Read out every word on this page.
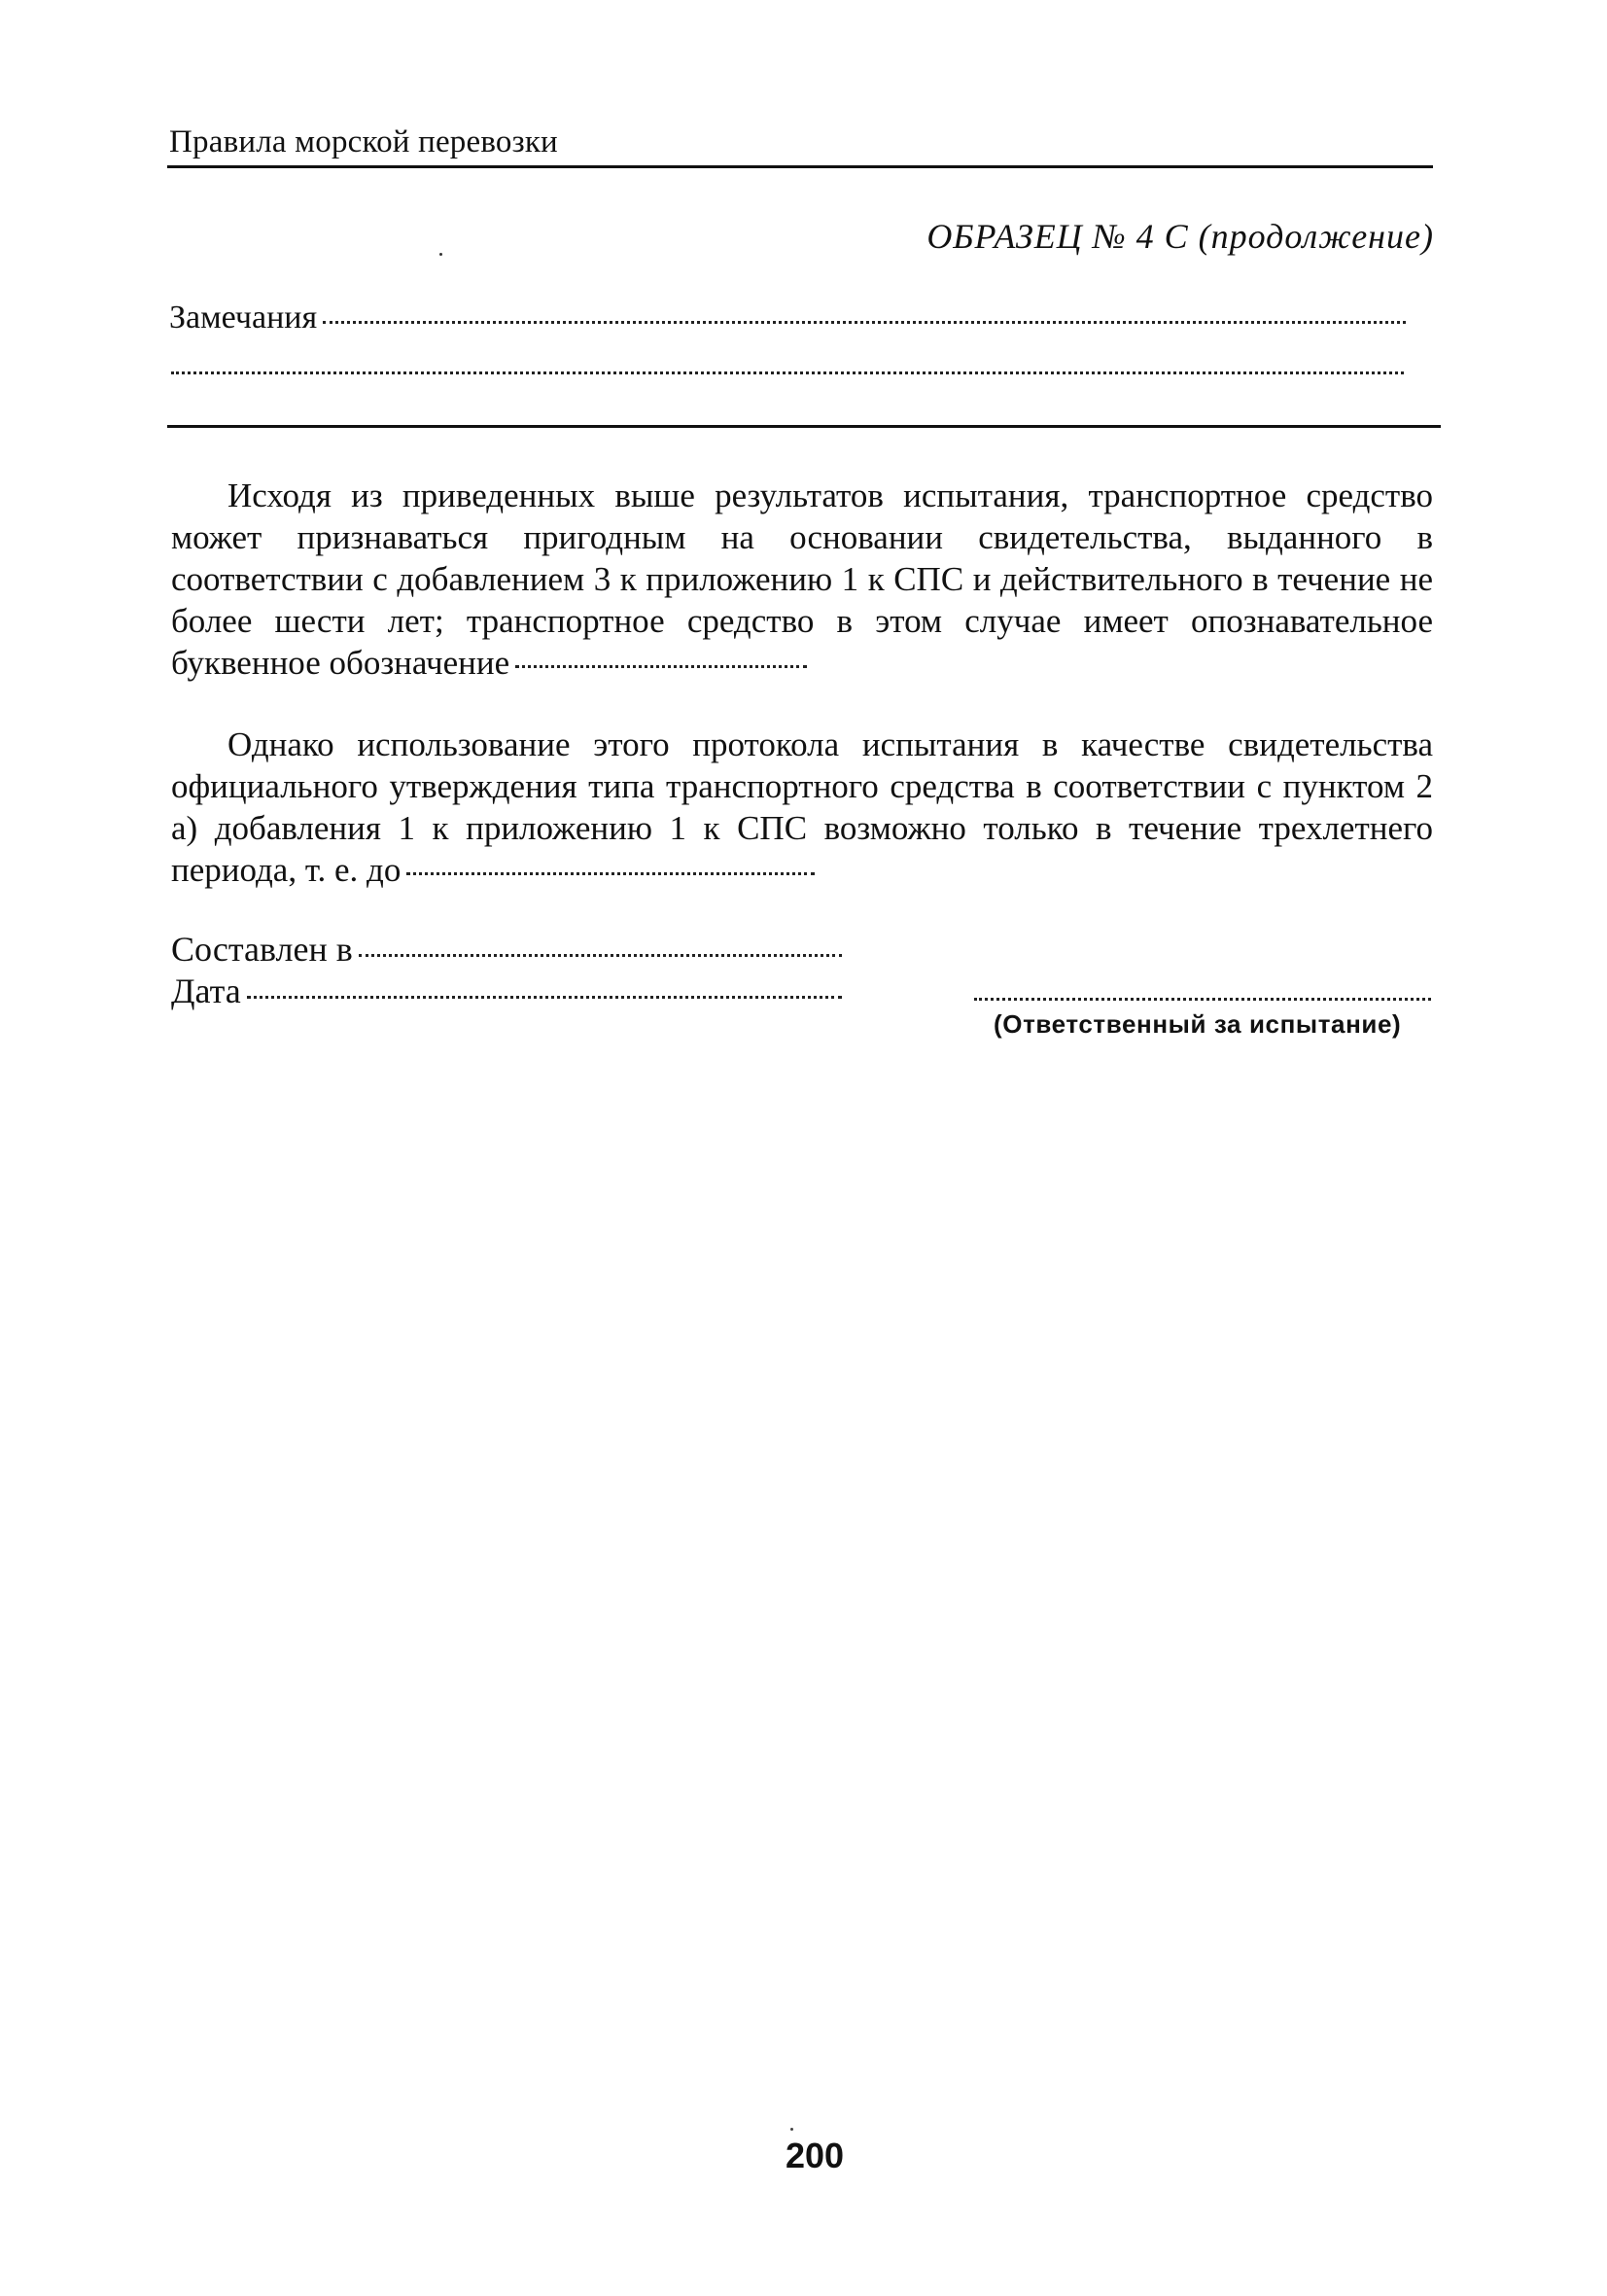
Правила морской перевозки
ОБРАЗЕЦ № 4 С (продолжение)
Замечания
Исходя из приведенных выше результатов испытания, транспортное средство может признаваться пригодным на основании свидетельства, выданного в соответствии с добавлением 3 к приложению 1 к СПС и действительного в течение не более шести лет; транспортное средство в этом случае имеет опознавательное буквенное обозначение
Однако использование этого протокола испытания в качестве свидетельства официального утверждения типа транспортного средства в соответствии с пунктом 2 а) добавления 1 к приложению 1 к СПС возможно только в течение трехлетнего периода, т. е. до
Составлен в
Дата
(Ответственный за испытание)
200
